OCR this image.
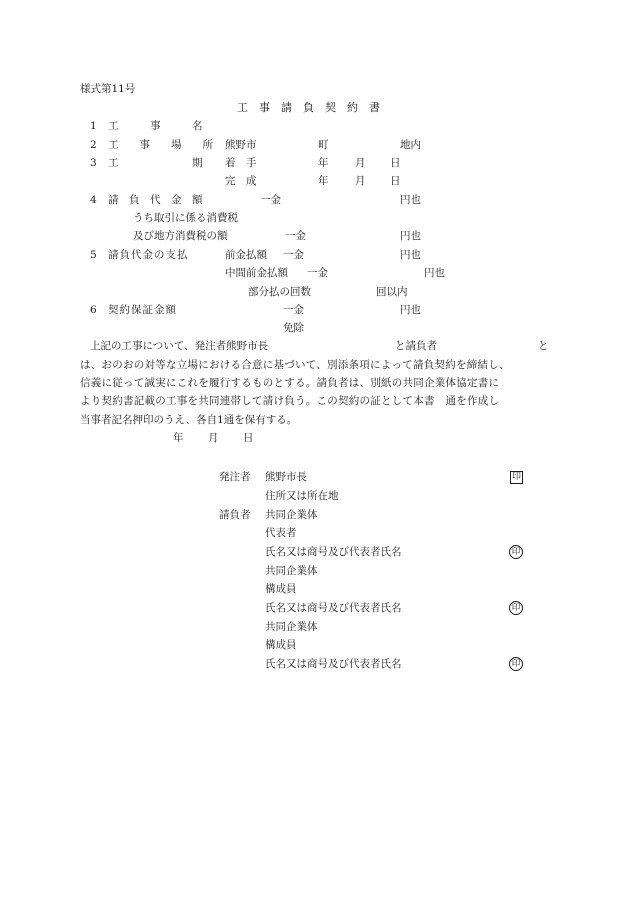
様式第11号
工　事　請　負　契　約　書
1 工　　　事　　　名
2 工　　事　　場　　所 熊野市	町	地内
3 工　　　　　　　期 着　手	年	月 日
完　成	年	月 日
4 請　負　代　金　額	一金	円也
うち取引に係る消費税
及び地方消費税の額	一金	円也
5 請負代金の支払	前金払額 一金	円也
中間前金払額 一金	円也
部分払の回数	回以内
6 契約保証金額	一金	円也
免除
上記の工事について、発注者熊野市長	と請負者	と
は、おのおの対等な立場における合意に基づいて、別添条項によって請負契約を締結し、
信義に従って誠実にこれを履行するものとする。請負者は、別紙の共同企業体協定書に
より契約書記載の工事を共同連帯して請け負う。この契約の証として本書　通を作成し
当事者記名押印のうえ、各自1通を保有する。
年 月 日
発注者 熊野市長	印
住所又は所在地
請負者 共同企業体
代表者
氏名又は商号及び代表者氏名	印
共同企業体
構成員
氏名又は商号及び代表者氏名	印
共同企業体
構成員
氏名又は商号及び代表者氏名	印
